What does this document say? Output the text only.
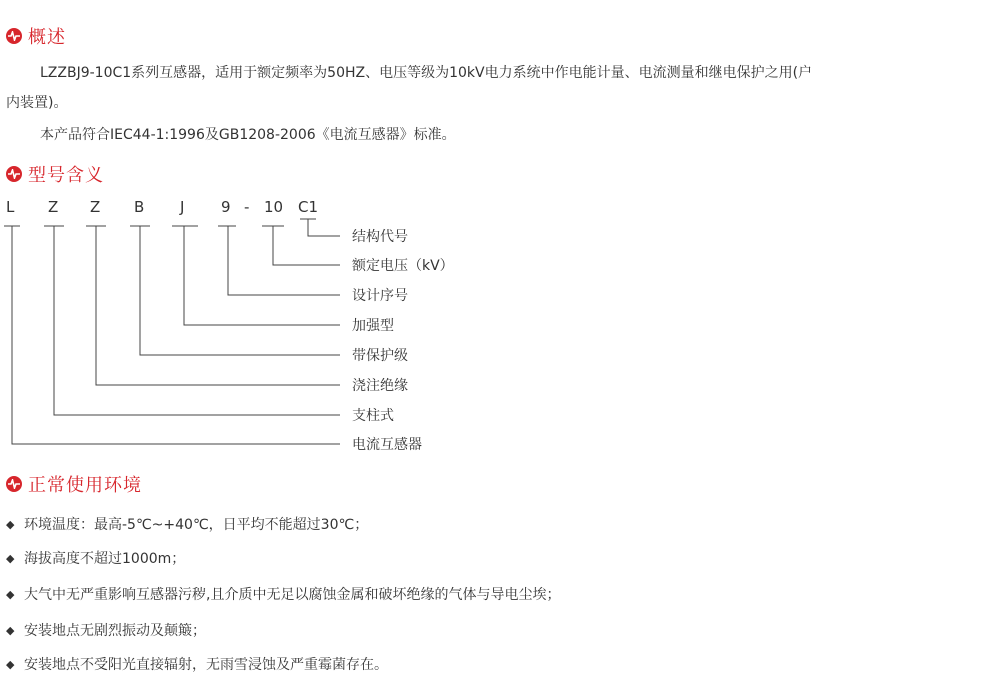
概述
LZZBJ9-10C1系列互感器，适用于额定频率为50HZ、电压等级为10kV电力系统中作电能计量、电流测量和继电保护之用(户
内装置)。
本产品符合IEC44-1:1996及GB1208-2006《电流互感器》标准。
型号含义
L Z Z B J 9 - 10 C1
结构代号
额定电压（kV）
设计序号
加强型
带保护级
浇注绝缘
支柱式
电流互感器
正常使用环境
◆ 环境温度：最高-5℃~+40℃，日平均不能超过30℃；
◆ 海拔高度不超过1000m；
◆ 大气中无严重影响互感器污秽,且介质中无足以腐蚀金属和破坏绝缘的气体与导电尘埃；
◆ 安装地点无剧烈振动及颠簸；
◆ 安装地点不受阳光直接辐射，无雨雪浸蚀及严重霉菌存在。
